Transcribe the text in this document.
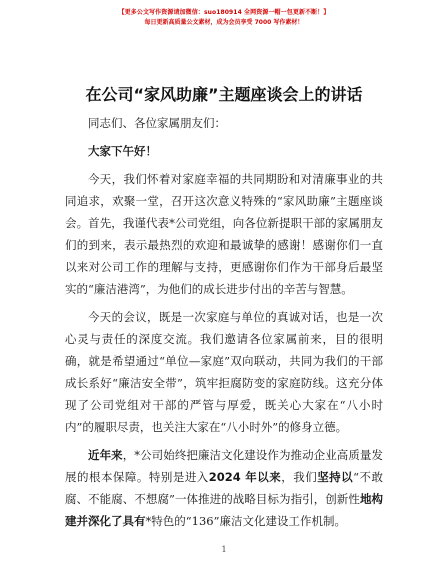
【更多公文写作资源请加微信：suo180914 全网资源一帽一包更新不断！】
每日更新高质量公文素材，成为会员享受 7000 写作素材！
在公司“家风助廉”主题座谈会上的讲话

同志们、各位家属朋友们：

大家下午好！

今天，我们怀着对家庭幸福的共同期盼和对清廉事业的共同追求，欢聚一堂，召开这次意义特殊的“家风助廉”主题座谈会。首先，我谨代表*公司党组，向各位新提职干部的家属朋友们的到来，表示最热烈的欢迎和最诚挚的感谢！感谢你们一直以来对公司工作的理解与支持，更感谢你们作为干部身后最坚实的“廉洁港湾”，为他们的成长进步付出的辛苦与智慧。

今天的会议，既是一次家庭与单位的真诚对话，也是一次心灵与责任的深度交流。我们邀请各位家属前来，目的很明确，就是希望通过“单位—家庭”双向联动，共同为我们的干部成长系好“廉洁安全带”，筑牢拒腐防变的家庭防线。这充分体现了公司党组对干部的严管与厚爱，既关心大家在“八小时内”的履职尽责，也关注大家在“八小时外”的修身立德。

近年来，*公司始终把廉洁文化建设作为推动企业高质量发展的根本保障。特别是进入2024 年以来，我们坚持以“不敢腐、不能腐、不想腐”一体推进的战略目标为指引，创新性地构建并深化了具有*特色的“136”廉洁文化建设工作机制。

1
